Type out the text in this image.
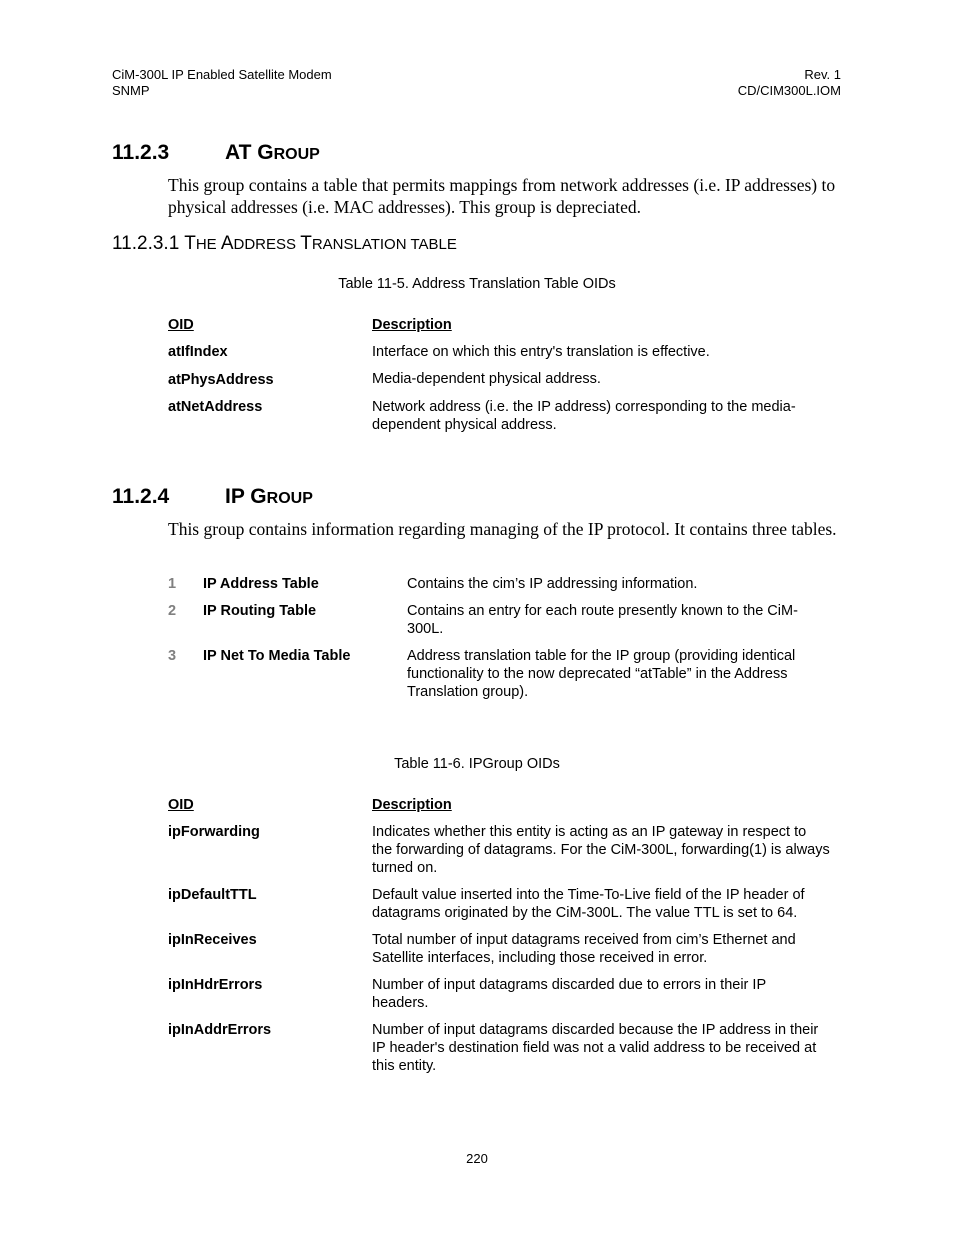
CiM-300L IP Enabled Satellite Modem
SNMP
Rev. 1
CD/CIM300L.IOM
11.2.3	AT GROUP

This group contains a table that permits mappings from network addresses (i.e. IP addresses) to physical addresses (i.e. MAC addresses). This group is depreciated.

11.2.3.1 THE ADDRESS TRANSLATION TABLE
Table 11-5. Address Translation Table OIDs
OID	Description
atIfIndex	Interface on which this entry's translation is effective.
atPhysAddress	Media-dependent physical address.
atNetAddress	Network address (i.e. the IP address) corresponding to the media-dependent physical address.
11.2.4	IP GROUP

This group contains information regarding managing of the IP protocol. It contains three tables.

1	IP Address Table	Contains the cim’s IP addressing information.
2	IP Routing Table	Contains an entry for each route presently known to the CiM-300L.
3	IP Net To Media Table	Address translation table for the IP group (providing identical functionality to the now deprecated “atTable” in the Address Translation group).
Table 11-6. IPGroup OIDs
OID	Description
ipForwarding	Indicates whether this entity is acting as an IP gateway in respect to the forwarding of datagrams. For the CiM-300L, forwarding(1) is always turned on.
ipDefaultTTL	Default value inserted into the Time-To-Live field of the IP header of datagrams originated by the CiM-300L. The value TTL is set to 64.
ipInReceives	Total number of input datagrams received from cim’s Ethernet and Satellite interfaces, including those received in error.
ipInHdrErrors	Number of input datagrams discarded due to errors in their IP headers.
ipInAddrErrors	Number of input datagrams discarded because the IP address in their IP header's destination field was not a valid address to be received at this entity.
220
